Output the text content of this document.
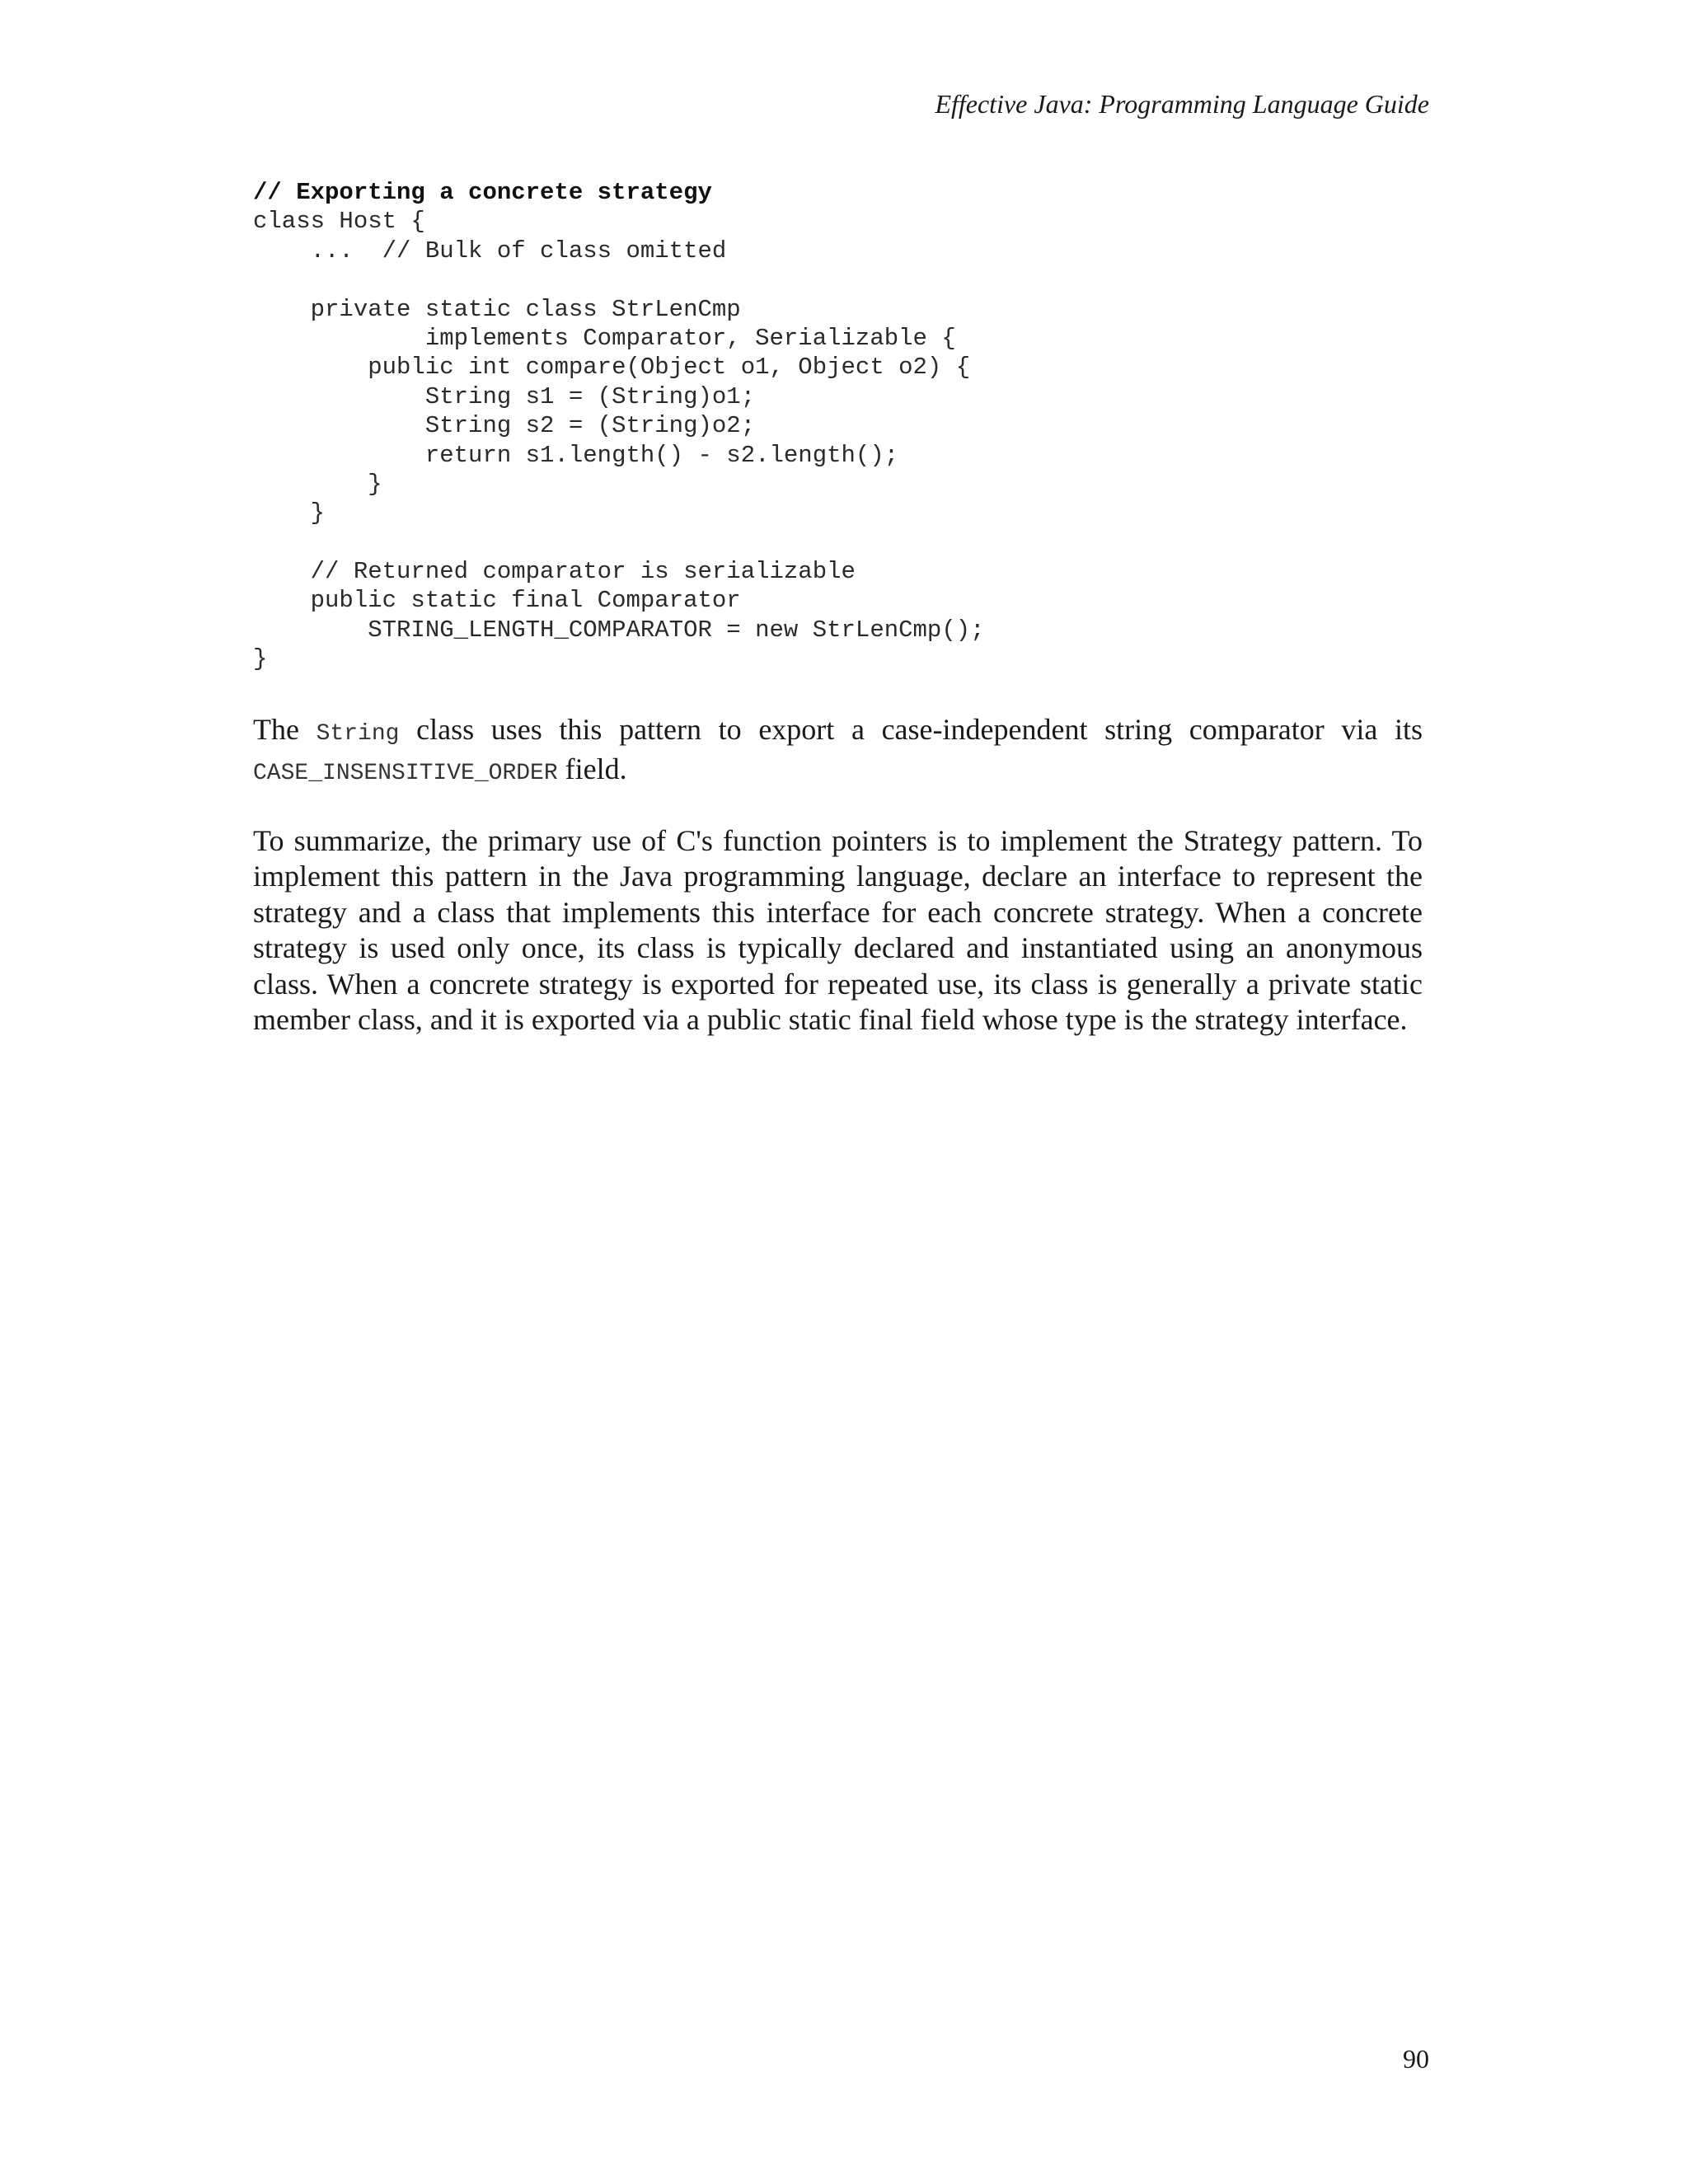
Effective Java: Programming Language Guide
// Exporting a concrete strategy
class Host {
...  // Bulk of class omitted
private static class StrLenCmp
implements Comparator, Serializable {
public int compare(Object o1, Object o2) {
String s1 = (String)o1;
String s2 = (String)o2;
return s1.length() - s2.length();
}
}
// Returned comparator is serializable
public static final Comparator
STRING_LENGTH_COMPARATOR = new StrLenCmp();
}

The String class uses this pattern to export a case-independent string comparator via its CASE_INSENSITIVE_ORDER field.

To summarize, the primary use of C's function pointers is to implement the Strategy pattern. To implement this pattern in the Java programming language, declare an interface to represent the strategy and a class that implements this interface for each concrete strategy. When a concrete strategy is used only once, its class is typically declared and instantiated using an anonymous class. When a concrete strategy is exported for repeated use, its class is generally a private static member class, and it is exported via a public static final field whose type is the strategy interface.

90
